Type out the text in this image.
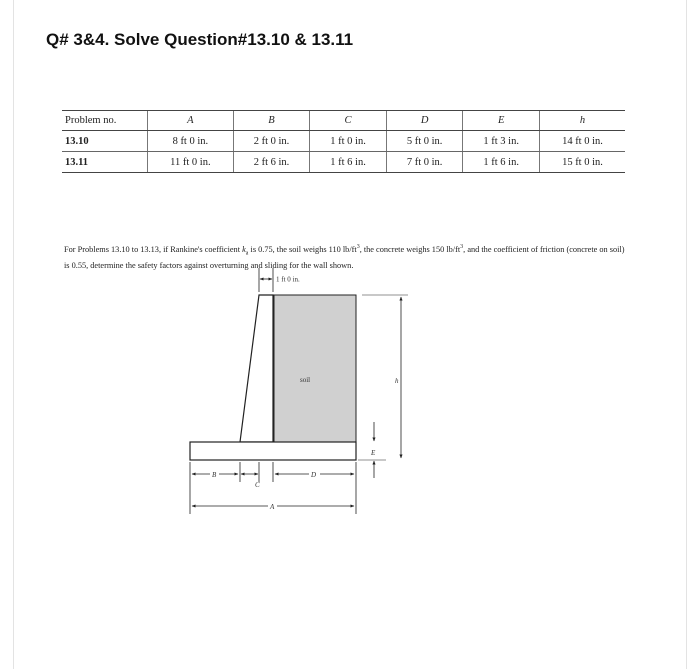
Q# 3&4. Solve Question#13.10 & 13.11
Problem no.	A	B	C	D	E	h
13.10	8 ft 0 in.	2 ft 0 in.	1 ft 0 in.	5 ft 0 in.	1 ft 3 in.	14 ft 0 in.
13.11	11 ft 0 in.	2 ft 6 in.	1 ft 6 in.	7 ft 0 in.	1 ft 6 in.	15 ft 0 in.

For Problems 13.10 to 13.13, if Rankine's coefficient $k_a$ is 0.75, the soil weighs 110 $lb/ft^3$, the concrete weighs 150 $lb/ft^3$, and the coefficient of friction (concrete on soil) is 0.55, determine the safety factors against overturning and sliding for the wall shown.

1 ft 0 in.
soil	h
E
B
C
D
A
